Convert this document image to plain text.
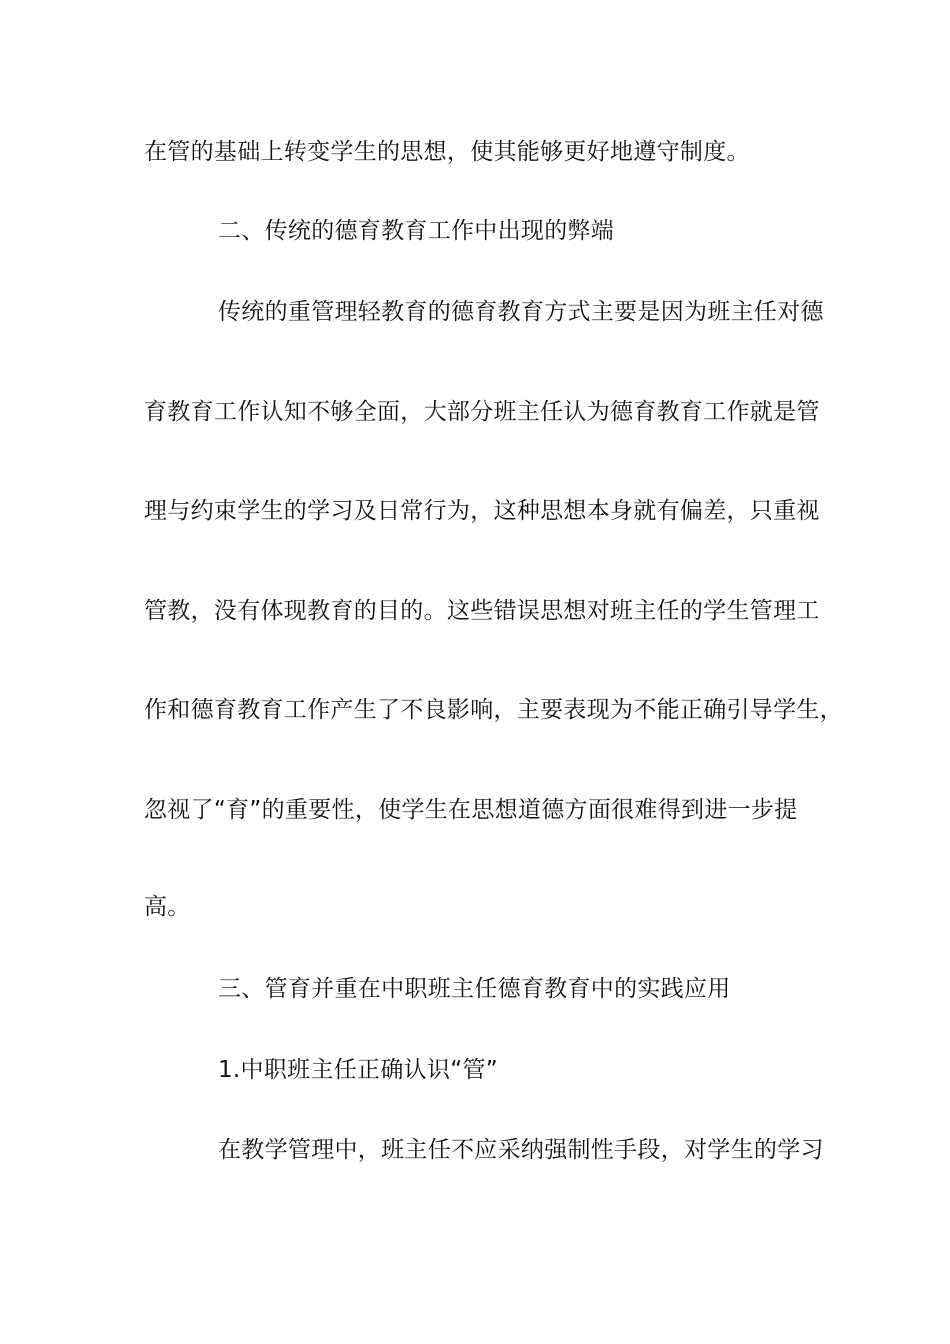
在管的基础上转变学生的思想，使其能够更好地遵守制度。
二、传统的德育教育工作中出现的弊端
传统的重管理轻教育的德育教育方式主要是因为班主任对德
育教育工作认知不够全面，大部分班主任认为德育教育工作就是管
理与约束学生的学习及日常行为，这种思想本身就有偏差，只重视
管教，没有体现教育的目的。这些错误思想对班主任的学生管理工
作和德育教育工作产生了不良影响，主要表现为不能正确引导学生，
忽视了“育”的重要性，使学生在思想道德方面很难得到进一步提
高。
三、管育并重在中职班主任德育教育中的实践应用
1.中职班主任正确认识“管”
在教学管理中，班主任不应采纳强制性手段，对学生的学习
